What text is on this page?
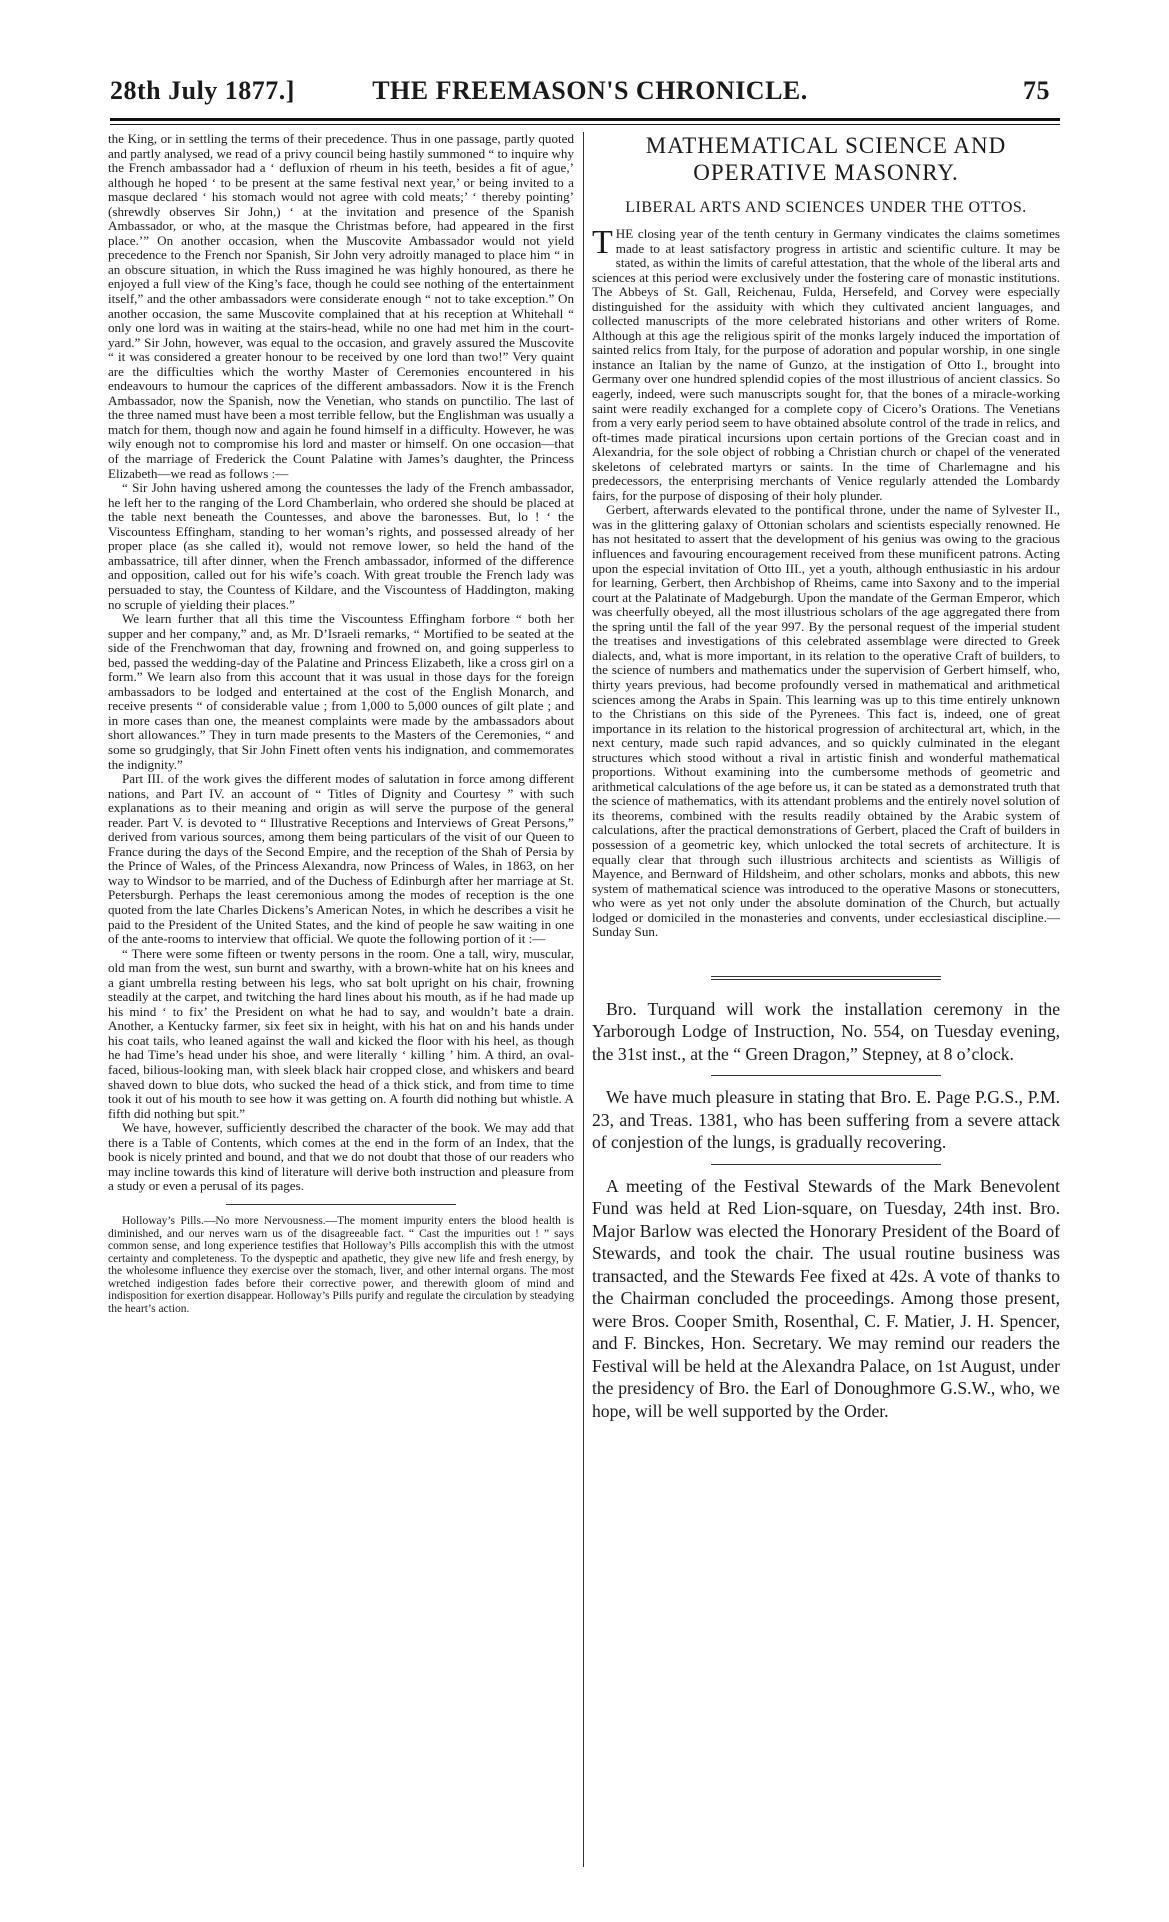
28th July 1877.]	THE FREEMASON'S CHRONICLE.	75

the King, or in settling the terms of their precedence. Thus in one passage, partly quoted and partly analysed, we read of a privy council being hastily summoned “ to inquire why the French ambassador had a ‘ defluxion of rheum in his teeth, besides a fit of ague,’ although he hoped ‘ to be present at the same festival next year,’ or being invited to a masque declared ‘ his stomach would not agree with cold meats;’ ‘ thereby pointing’ (shrewdly observes Sir John,) ‘ at the invitation and presence of the Spanish Ambassador, or who, at the masque the Christmas before, had appeared in the first place.’” On another occasion, when the Muscovite Ambassador would not yield precedence to the French nor Spanish, Sir John very adroitly managed to place him “ in an obscure situation, in which the Russ imagined he was highly honoured, as there he enjoyed a full view of the King’s face, though he could see nothing of the entertainment itself,” and the other ambassadors were considerate enough “ not to take exception.” On another occasion, the same Muscovite complained that at his reception at Whitehall “ only one lord was in waiting at the stairs-head, while no one had met him in the court-yard.” Sir John, however, was equal to the occasion, and gravely assured the Muscovite “ it was considered a greater honour to be received by one lord than two!” Very quaint are the difficulties which the worthy Master of Ceremonies encountered in his endeavours to humour the caprices of the different ambassadors. Now it is the French Ambassador, now the Spanish, now the Venetian, who stands on punctilio. The last of the three named must have been a most terrible fellow, but the Englishman was usually a match for them, though now and again he found himself in a difficulty. However, he was wily enough not to compromise his lord and master or himself. On one occasion—that of the marriage of Frederick the Count Palatine with James’s daughter, the Princess Elizabeth—we read as follows :—

“ Sir John having ushered among the countesses the lady of the French ambassador, he left her to the ranging of the Lord Chamberlain, who ordered she should be placed at the table next beneath the Countesses, and above the baronesses. But, lo ! ‘ the Viscountess Effingham, standing to her woman’s rights, and possessed already of her proper place (as she called it), would not remove lower, so held the hand of the ambassatrice, till after dinner, when the French ambassador, informed of the difference and opposition, called out for his wife’s coach. With great trouble the French lady was persuaded to stay, the Countess of Kildare, and the Viscountess of Haddington, making no scruple of yielding their places.”

We learn further that all this time the Viscountess Effingham forbore “ both her supper and her company,” and, as Mr. D’Israeli remarks, “ Mortified to be seated at the side of the Frenchwoman that day, frowning and frowned on, and going supperless to bed, passed the wedding-day of the Palatine and Princess Elizabeth, like a cross girl on a form.” We learn also from this account that it was usual in those days for the foreign ambassadors to be lodged and entertained at the cost of the English Monarch, and receive presents “ of considerable value ; from 1,000 to 5,000 ounces of gilt plate ; and in more cases than one, the meanest complaints were made by the ambassadors about short allowances.” They in turn made presents to the Masters of the Ceremonies, “ and some so grudgingly, that Sir John Finett often vents his indignation, and commemorates the indignity.”

Part III. of the work gives the different modes of salutation in force among different nations, and Part IV. an account of “ Titles of Dignity and Courtesy ” with such explanations as to their meaning and origin as will serve the purpose of the general reader. Part V. is devoted to “ Illustrative Receptions and Interviews of Great Persons,” derived from various sources, among them being particulars of the visit of our Queen to France during the days of the Second Empire, and the reception of the Shah of Persia by the Prince of Wales, of the Princess Alexandra, now Princess of Wales, in 1863, on her way to Windsor to be married, and of the Duchess of Edinburgh after her marriage at St. Petersburgh. Perhaps the least ceremonious among the modes of reception is the one quoted from the late Charles Dickens’s American Notes, in which he describes a visit he paid to the President of the United States, and the kind of people he saw waiting in one of the ante-rooms to interview that official. We quote the following portion of it :—

“ There were some fifteen or twenty persons in the room. One a tall, wiry, muscular, old man from the west, sun burnt and swarthy, with a brown-white hat on his knees and a giant umbrella resting between his legs, who sat bolt upright on his chair, frowning steadily at the carpet, and twitching the hard lines about his mouth, as if he had made up his mind ‘ to fix’ the President on what he had to say, and wouldn’t bate a drain. Another, a Kentucky farmer, six feet six in height, with his hat on and his hands under his coat tails, who leaned against the wall and kicked the floor with his heel, as though he had Time’s head under his shoe, and were literally ‘ killing ’ him. A third, an oval-faced, bilious-looking man, with sleek black hair cropped close, and whiskers and beard shaved down to blue dots, who sucked the head of a thick stick, and from time to time took it out of his mouth to see how it was getting on. A fourth did nothing but whistle. A fifth did nothing but spit.”

We have, however, sufficiently described the character of the book. We may add that there is a Table of Contents, which comes at the end in the form of an Index, that the book is nicely printed and bound, and that we do not doubt that those of our readers who may incline towards this kind of literature will derive both instruction and pleasure from a study or even a perusal of its pages.

Holloway’s Pills.—No more Nervousness.—The moment impurity enters the blood health is diminished, and our nerves warn us of the disagreeable fact. “ Cast the impurities out ! ” says common sense, and long experience testifies that Holloway’s Pills accomplish this with the utmost certainty and completeness. To the dyspeptic and apathetic, they give new life and fresh energy, by the wholesome influence they exercise over the stomach, liver, and other internal organs. The most wretched indigestion fades before their corrective power, and therewith gloom of mind and indisposition for exertion disappear. Holloway’s Pills purify and regulate the circulation by steadying the heart’s action.

MATHEMATICAL SCIENCE AND OPERATIVE MASONRY.
LIBERAL ARTS AND SCIENCES UNDER THE OTTOS.

THE closing year of the tenth century in Germany vindicates the claims sometimes made to at least satisfactory progress in artistic and scientific culture. It may be stated, as within the limits of careful attestation, that the whole of the liberal arts and sciences at this period were exclusively under the fostering care of monastic institutions. The Abbeys of St. Gall, Reichenau, Fulda, Hersefeld, and Corvey were especially distinguished for the assiduity with which they cultivated ancient languages, and collected manuscripts of the more celebrated historians and other writers of Rome. Although at this age the religious spirit of the monks largely induced the importation of sainted relics from Italy, for the purpose of adoration and popular worship, in one single instance an Italian by the name of Gunzo, at the instigation of Otto I., brought into Germany over one hundred splendid copies of the most illustrious of ancient classics. So eagerly, indeed, were such manuscripts sought for, that the bones of a miracle-working saint were readily exchanged for a complete copy of Cicero’s Orations. The Venetians from a very early period seem to have obtained absolute control of the trade in relics, and oft-times made piratical incursions upon certain portions of the Grecian coast and in Alexandria, for the sole object of robbing a Christian church or chapel of the venerated skeletons of celebrated martyrs or saints. In the time of Charlemagne and his predecessors, the enterprising merchants of Venice regularly attended the Lombardy fairs, for the purpose of disposing of their holy plunder.

Gerbert, afterwards elevated to the pontifical throne, under the name of Sylvester II., was in the glittering galaxy of Ottonian scholars and scientists especially renowned. He has not hesitated to assert that the development of his genius was owing to the gracious influences and favouring encouragement received from these munificent patrons. Acting upon the especial invitation of Otto III., yet a youth, although enthusiastic in his ardour for learning, Gerbert, then Archbishop of Rheims, came into Saxony and to the imperial court at the Palatinate of Madgeburgh. Upon the mandate of the German Emperor, which was cheerfully obeyed, all the most illustrious scholars of the age aggregated there from the spring until the fall of the year 997. By the personal request of the imperial student the treatises and investigations of this celebrated assemblage were directed to Greek dialects, and, what is more important, in its relation to the operative Craft of builders, to the science of numbers and mathematics under the supervision of Gerbert himself, who, thirty years previous, had become profoundly versed in mathematical and arithmetical sciences among the Arabs in Spain. This learning was up to this time entirely unknown to the Christians on this side of the Pyrenees. This fact is, indeed, one of great importance in its relation to the historical progression of architectural art, which, in the next century, made such rapid advances, and so quickly culminated in the elegant structures which stood without a rival in artistic finish and wonderful mathematical proportions. Without examining into the cumbersome methods of geometric and arithmetical calculations of the age before us, it can be stated as a demonstrated truth that the science of mathematics, with its attendant problems and the entirely novel solution of its theorems, combined with the results readily obtained by the Arabic system of calculations, after the practical demonstrations of Gerbert, placed the Craft of builders in possession of a geometric key, which unlocked the total secrets of architecture. It is equally clear that through such illustrious architects and scientists as Willigis of Mayence, and Bernward of Hildsheim, and other scholars, monks and abbots, this new system of mathematical science was introduced to the operative Masons or stonecutters, who were as yet not only under the absolute domination of the Church, but actually lodged or domiciled in the monasteries and convents, under ecclesiastical discipline.—Sunday Sun.

Bro. Turquand will work the installation ceremony in the Yarborough Lodge of Instruction, No. 554, on Tuesday evening, the 31st inst., at the “ Green Dragon,” Stepney, at 8 o’clock.

We have much pleasure in stating that Bro. E. Page P.G.S., P.M. 23, and Treas. 1381, who has been suffering from a severe attack of conjestion of the lungs, is gradually recovering.

A meeting of the Festival Stewards of the Mark Benevolent Fund was held at Red Lion-square, on Tuesday, 24th inst. Bro. Major Barlow was elected the Honorary President of the Board of Stewards, and took the chair. The usual routine business was transacted, and the Stewards Fee fixed at 42s. A vote of thanks to the Chairman concluded the proceedings. Among those present, were Bros. Cooper Smith, Rosenthal, C. F. Matier, J. H. Spencer, and F. Binckes, Hon. Secretary. We may remind our readers the Festival will be held at the Alexandra Palace, on 1st August, under the presidency of Bro. the Earl of Donoughmore G.S.W., who, we hope, will be well supported by the Order.
